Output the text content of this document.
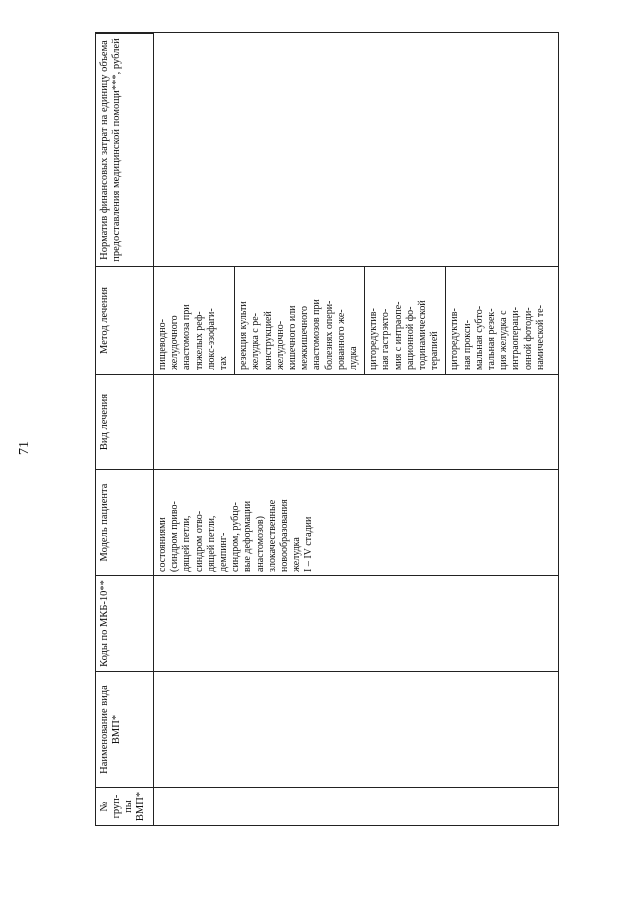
71
№ груп-пы ВМП*
Наименование вида ВМП*
Коды по МКБ-10**
Модель пациента
Вид лечения
Метод лечения
Норматив финансовых затрат на единицу объема предоставления медицинской помощи***, рублей
состояниями (синдром приво- дящей петли, синдром отво- дящей петли, демпинг- синдром, рубцо- вые деформации анастомозов) злокачественные новообразования желудка I – IV стадии
пищеводно- желудочного анастомоза при тяжелых реф- люкс-эзофаги- тах резекция культи желудка с ре- конструкцией желудочно- кишечного или межкишечного анастомозов при болезнях опери- рованного же- лудка циторедуктив- ная гастрэкто- мия с интраопе- рационной фо- тодинамической терапией циторедуктив- ная прокси- мальная субто- тальная резек- ция желудка с интраопераци- онной фотоди- намической те-
